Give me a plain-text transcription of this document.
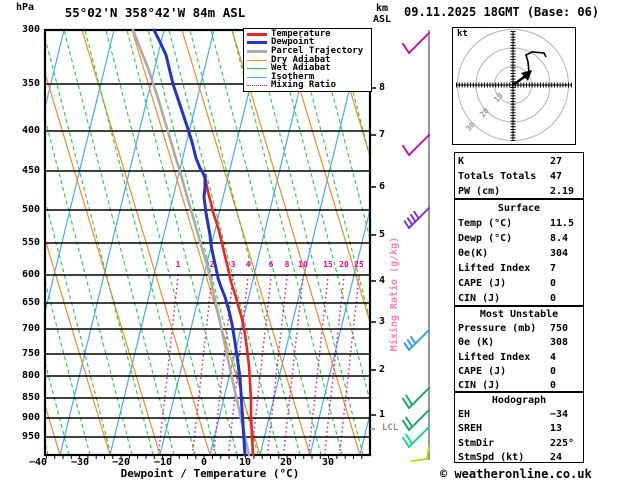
hPa	55°02'N 358°42'W 84m ASL	km
ASL
09.11.2025 18GMT (Base: 06)
300
350
400
450
500
550
600
650
700
750
800
850
900
950
−40	−30	−20	−10	0	10	20	30
8
7
6
5
4
3
2
1
1	2	3	4	6	8	10	15 20 25
Dewpoint / Temperature (°C)
LCL
Mixing Ratio (g/kg)
Temperature
Dewpoint
Parcel Trajectory
Dry Adiabat
Wet Adiabat
Isotherm
Mixing Ratio
kt
10
20
30
K	27
Totals Totals 47
PW (cm)	2.19
Surface
Temp (°C)	11.5
Dewp (°C)	8.4
θe(K)	304
Lifted Index 7
CAPE (J)	0
CIN (J)	0
Most Unstable
Pressure (mb) 750
θe (K)	308
Lifted Index 4
CAPE (J)	0
CIN (J)	0
Hodograph
EH	−34
SREH	13
StmDir	225°
StmSpd (kt)	24
© weatheronline.co.uk
